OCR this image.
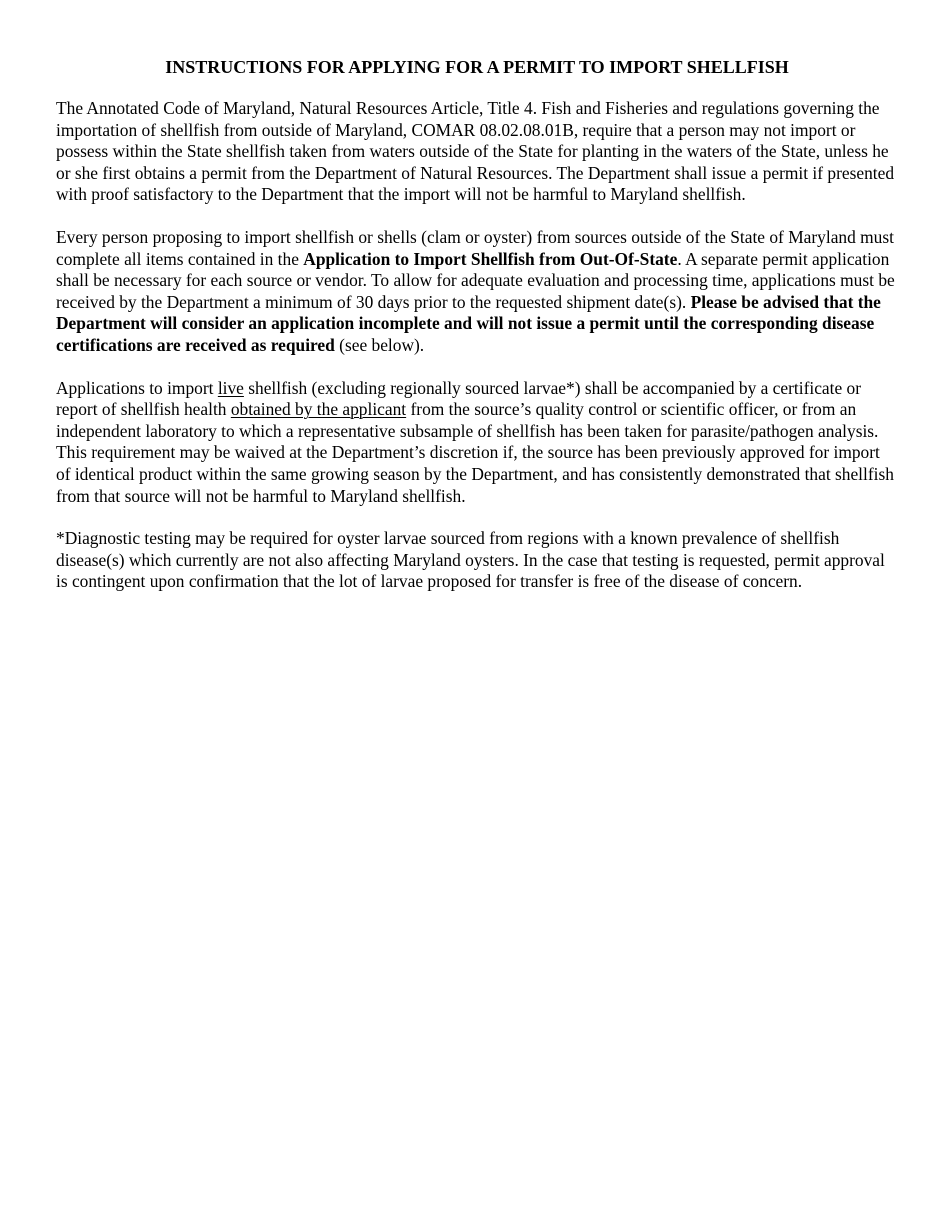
INSTRUCTIONS FOR APPLYING FOR A PERMIT TO IMPORT SHELLFISH

The Annotated Code of Maryland, Natural Resources Article, Title 4. Fish and Fisheries and regulations governing the importation of shellfish from outside of Maryland, COMAR 08.02.08.01B, require that a person may not import or possess within the State shellfish taken from waters outside of the State for planting in the waters of the State, unless he or she first obtains a permit from the Department of Natural Resources. The Department shall issue a permit if presented with proof satisfactory to the Department that the import will not be harmful to Maryland shellfish.

Every person proposing to import shellfish or shells (clam or oyster) from sources outside of the State of Maryland must complete all items contained in the Application to Import Shellfish from Out-Of-State. A separate permit application shall be necessary for each source or vendor. To allow for adequate evaluation and processing time, applications must be received by the Department a minimum of 30 days prior to the requested shipment date(s). Please be advised that the Department will consider an application incomplete and will not issue a permit until the corresponding disease certifications are received as required (see below).

Applications to import live shellfish (excluding regionally sourced larvae*) shall be accompanied by a certificate or report of shellfish health obtained by the applicant from the source’s quality control or scientific officer, or from an independent laboratory to which a representative subsample of shellfish has been taken for parasite/pathogen analysis. This requirement may be waived at the Department’s discretion if, the source has been previously approved for import of identical product within the same growing season by the Department, and has consistently demonstrated that shellfish from that source will not be harmful to Maryland shellfish.

*Diagnostic testing may be required for oyster larvae sourced from regions with a known prevalence of shellfish disease(s) which currently are not also affecting Maryland oysters. In the case that testing is requested, permit approval is contingent upon confirmation that the lot of larvae proposed for transfer is free of the disease of concern.
